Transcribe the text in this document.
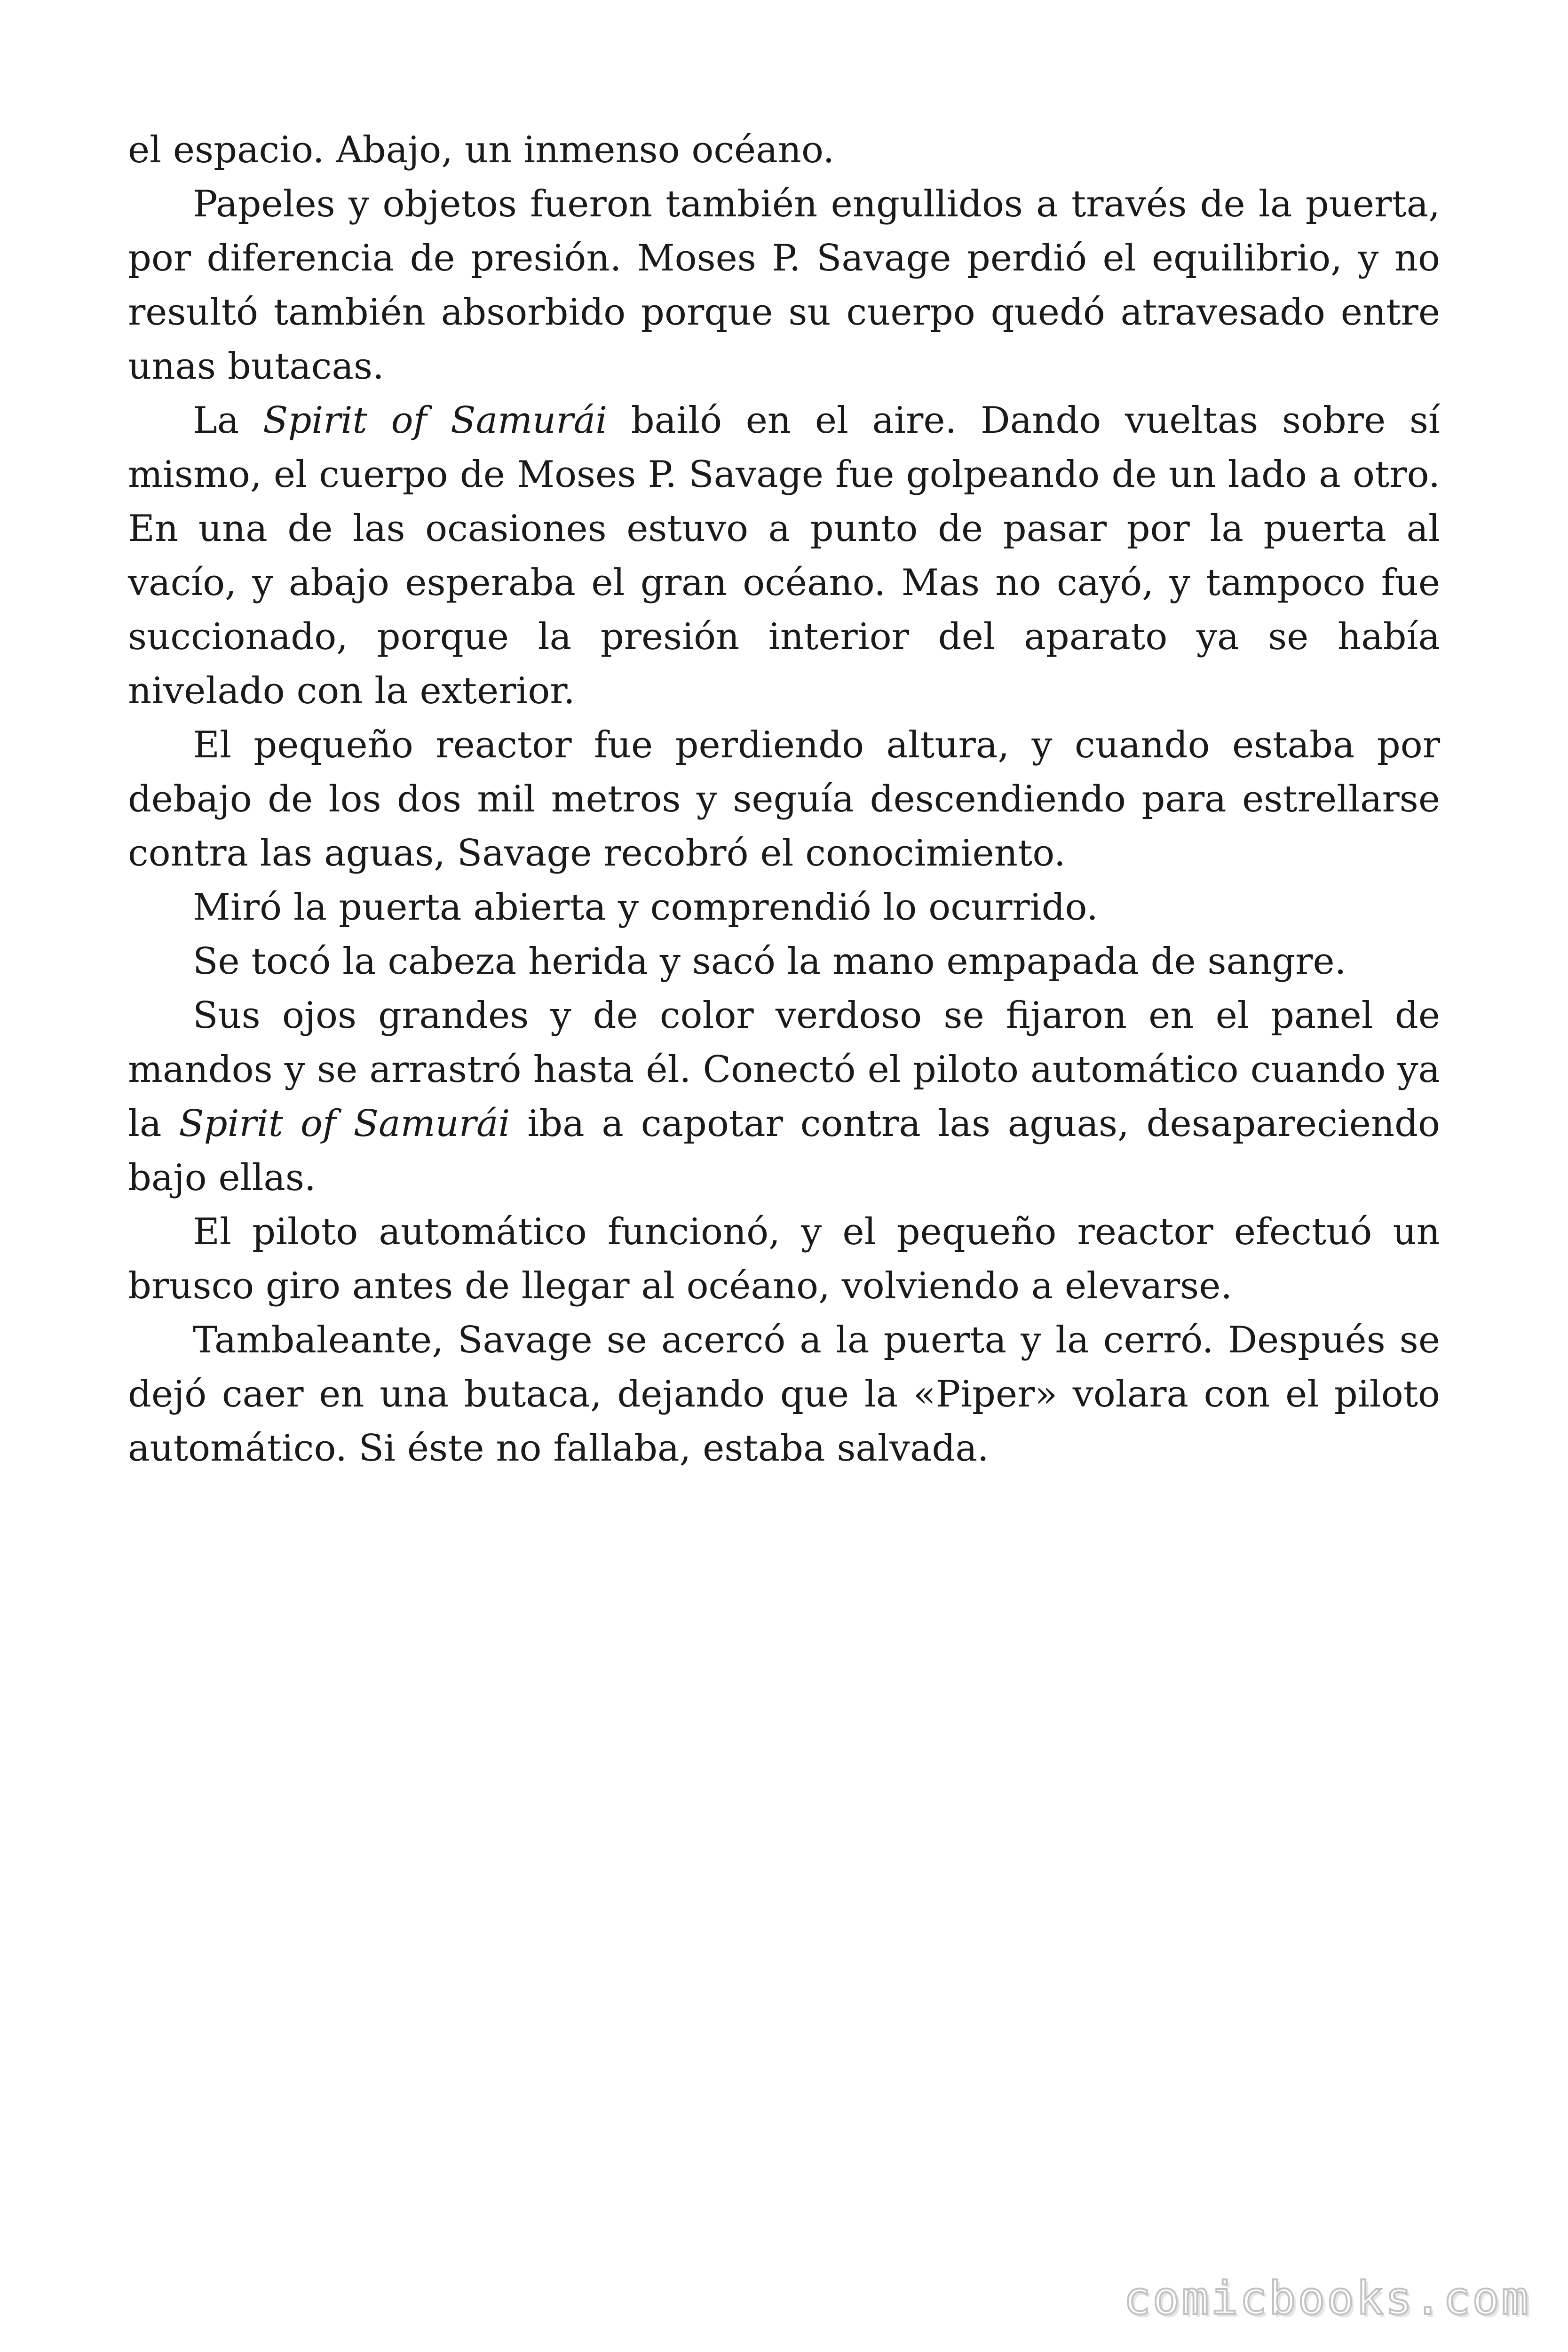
el espacio. Abajo, un inmenso océano.

Papeles y objetos fueron también engullidos a través de la puerta, por diferencia de presión. Moses P. Savage perdió el equilibrio, y no resultó también absorbido porque su cuerpo quedó atravesado entre unas butacas.

La Spirit of Samurái bailó en el aire. Dando vueltas sobre sí mismo, el cuerpo de Moses P. Savage fue golpeando de un lado a otro. En una de las ocasiones estuvo a punto de pasar por la puerta al vacío, y abajo esperaba el gran océano. Mas no cayó, y tampoco fue succionado, porque la presión interior del aparato ya se había nivelado con la exterior.

El pequeño reactor fue perdiendo altura, y cuando estaba por debajo de los dos mil metros y seguía descendiendo para estrellarse contra las aguas, Savage recobró el conocimiento.

Miró la puerta abierta y comprendió lo ocurrido.

Se tocó la cabeza herida y sacó la mano empapada de sangre.

Sus ojos grandes y de color verdoso se fijaron en el panel de mandos y se arrastró hasta él. Conectó el piloto automático cuando ya la Spirit of Samurái iba a capotar contra las aguas, desapareciendo bajo ellas.

El piloto automático funcionó, y el pequeño reactor efectuó un brusco giro antes de llegar al océano, volviendo a elevarse.

Tambaleante, Savage se acercó a la puerta y la cerró. Después se dejó caer en una butaca, dejando que la «Piper» volara con el piloto automático. Si éste no fallaba, estaba salvada.

comicbooks.com
